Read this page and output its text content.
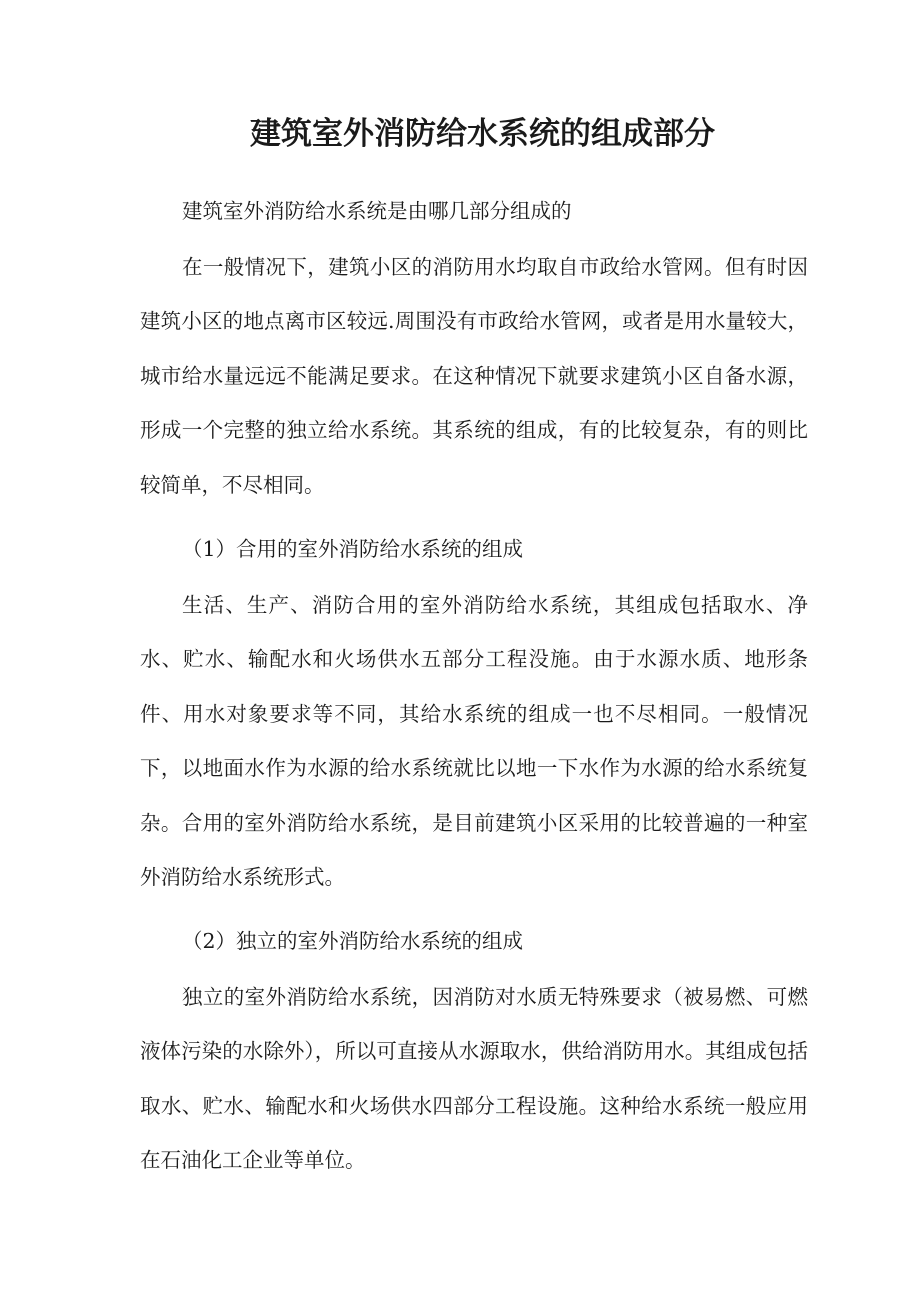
建筑室外消防给水系统的组成部分

建筑室外消防给水系统是由哪几部分组成的

在一般情况下，建筑小区的消防用水均取自市政给水管网。但有时因建筑小区的地点离市区较远.周围没有市政给水管网，或者是用水量较大，城市给水量远远不能满足要求。在这种情况下就要求建筑小区自备水源，形成一个完整的独立给水系统。其系统的组成，有的比较复杂，有的则比较简单，不尽相同。

（1）合用的室外消防给水系统的组成

生活、生产、消防合用的室外消防给水系统，其组成包括取水、净水、贮水、输配水和火场供水五部分工程没施。由于水源水质、地形条件、用水对象要求等不同，其给水系统的组成一也不尽相同。一般情况下，以地面水作为水源的给水系统就比以地一下水作为水源的给水系统复杂。合用的室外消防给水系统，是目前建筑小区采用的比较普遍的一种室外消防给水系统形式。

（2）独立的室外消防给水系统的组成

独立的室外消防给水系统，因消防对水质无特殊要求（被易燃、可燃液体污染的水除外），所以可直接从水源取水，供给消防用水。其组成包括取水、贮水、输配水和火场供水四部分工程设施。这种给水系统一般应用在石油化工企业等单位。
